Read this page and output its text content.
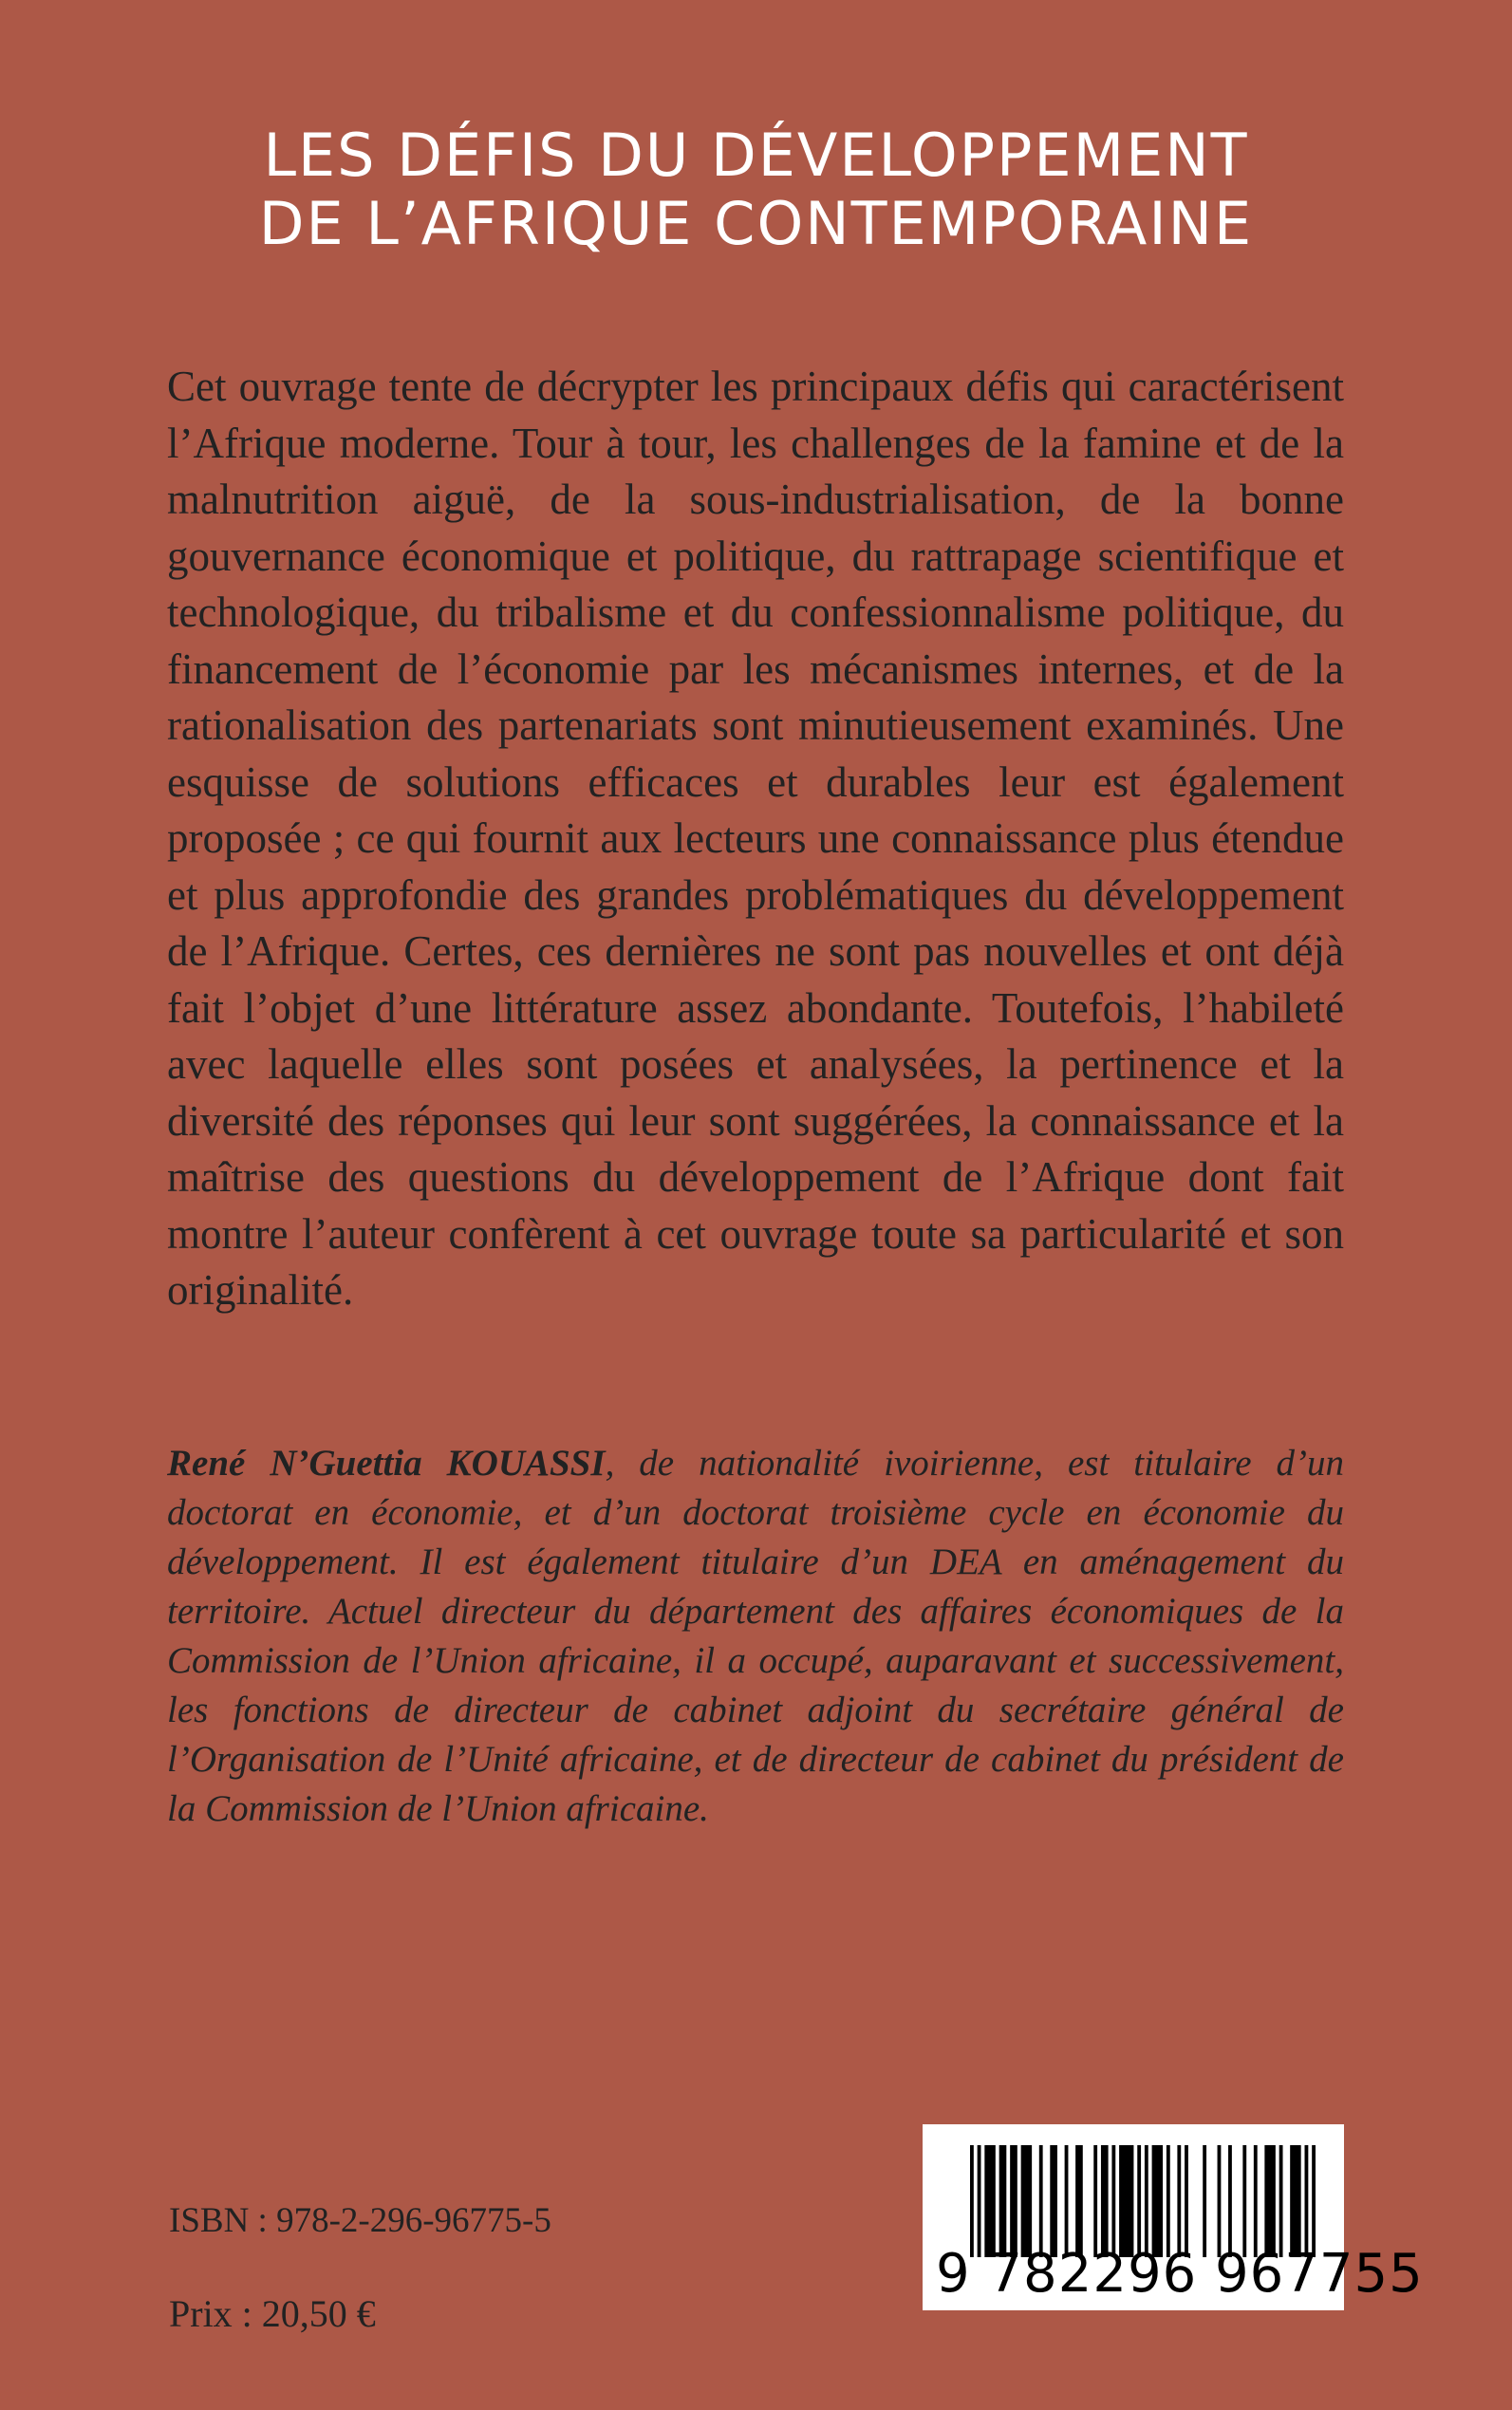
LES DÉFIS DU DÉVELOPPEMENT
DE L’AFRIQUE CONTEMPORAINE

Cet ouvrage tente de décrypter les principaux défis qui caractérisent l’Afrique moderne. Tour à tour, les challenges de la famine et de la malnutrition aiguë, de la sous-industrialisation, de la bonne gouvernance économique et politique, du rattrapage scientifique et technologique, du tribalisme et du confessionnalisme politique, du financement de l’économie par les mécanismes internes, et de la rationalisation des partenariats sont minutieusement examinés. Une esquisse de solutions efficaces et durables leur est également proposée ; ce qui fournit aux lecteurs une connaissance plus étendue et plus approfondie des grandes problématiques du développement de l’Afrique. Certes, ces dernières ne sont pas nouvelles et ont déjà fait l’objet d’une littérature assez abondante. Toutefois, l’habileté avec laquelle elles sont posées et analysées, la pertinence et la diversité des réponses qui leur sont suggérées, la connaissance et la maîtrise des questions du développement de l’Afrique dont fait montre l’auteur confèrent à cet ouvrage toute sa particularité et son originalité.

René N’Guettia KOUASSI, de nationalité ivoirienne, est titulaire d’un doctorat en économie, et d’un doctorat troisième cycle en économie du développement. Il est également titulaire d’un DEA en aménagement du territoire. Actuel directeur du département des affaires économiques de la Commission de l’Union africaine, il a occupé, auparavant et successivement, les fonctions de directeur de cabinet adjoint du secrétaire général de l’Organisation de l’Unité africaine, et de directeur de cabinet du président de la Commission de l’Union africaine.

ISBN : 978-2-296-96775-5

Prix : 20,50 €

9 782296 967755
